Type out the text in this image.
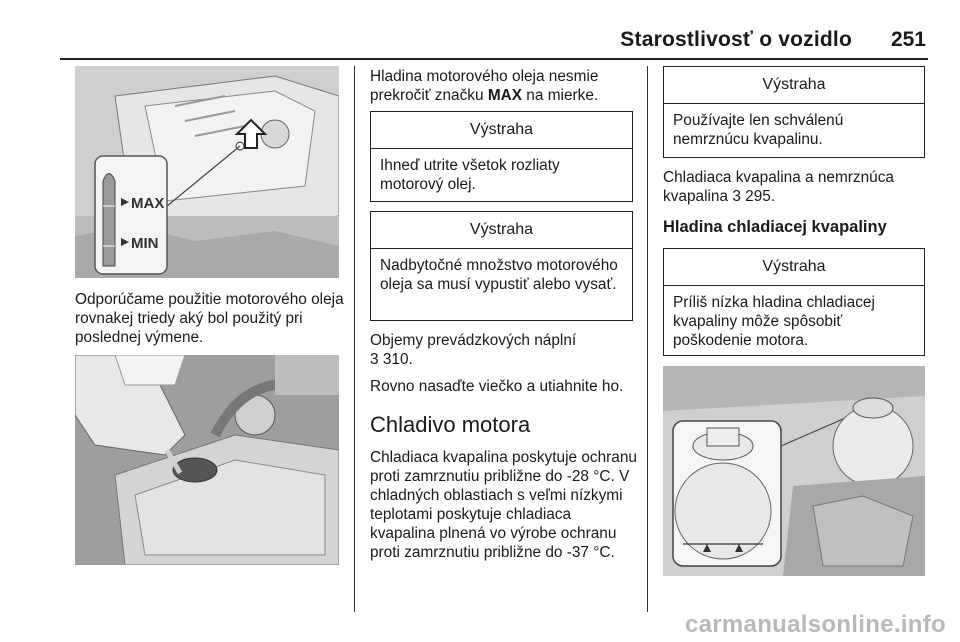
Starostlivosť o vozidlo 251
MAX
MIN

Odporúčame použitie motorového oleja rovnakej triedy aký bol použitý pri poslednej výmene.

Hladina motorového oleja nesmie prekročiť značku MAX na mierke.

Výstraha
Ihneď utrite všetok rozliaty motorový olej.
Výstraha
Nadbytočné množstvo motorového oleja sa musí vypustiť alebo vysať.

Objemy prevádzkových náplní
3 310.

Rovno nasaďte viečko a utiahnite ho.

Chladivo motora

Chladiaca kvapalina poskytuje ochranu proti zamrznutiu približne do -28 °C. V chladných oblastiach s veľmi nízkymi teplotami poskytuje chladiaca kvapalina plnená vo výrobe ochranu proti zamrznutiu približne do -37 °C.

Výstraha
Používajte len schválenú nemrznúcu kvapalinu.

Chladiaca kvapalina a nemrznúca kvapalina 3 295.

Hladina chladiacej kvapaliny
Výstraha
Príliš nízka hladina chladiacej kvapaliny môže spôsobiť poškodenie motora.
carmanualsonline.info
